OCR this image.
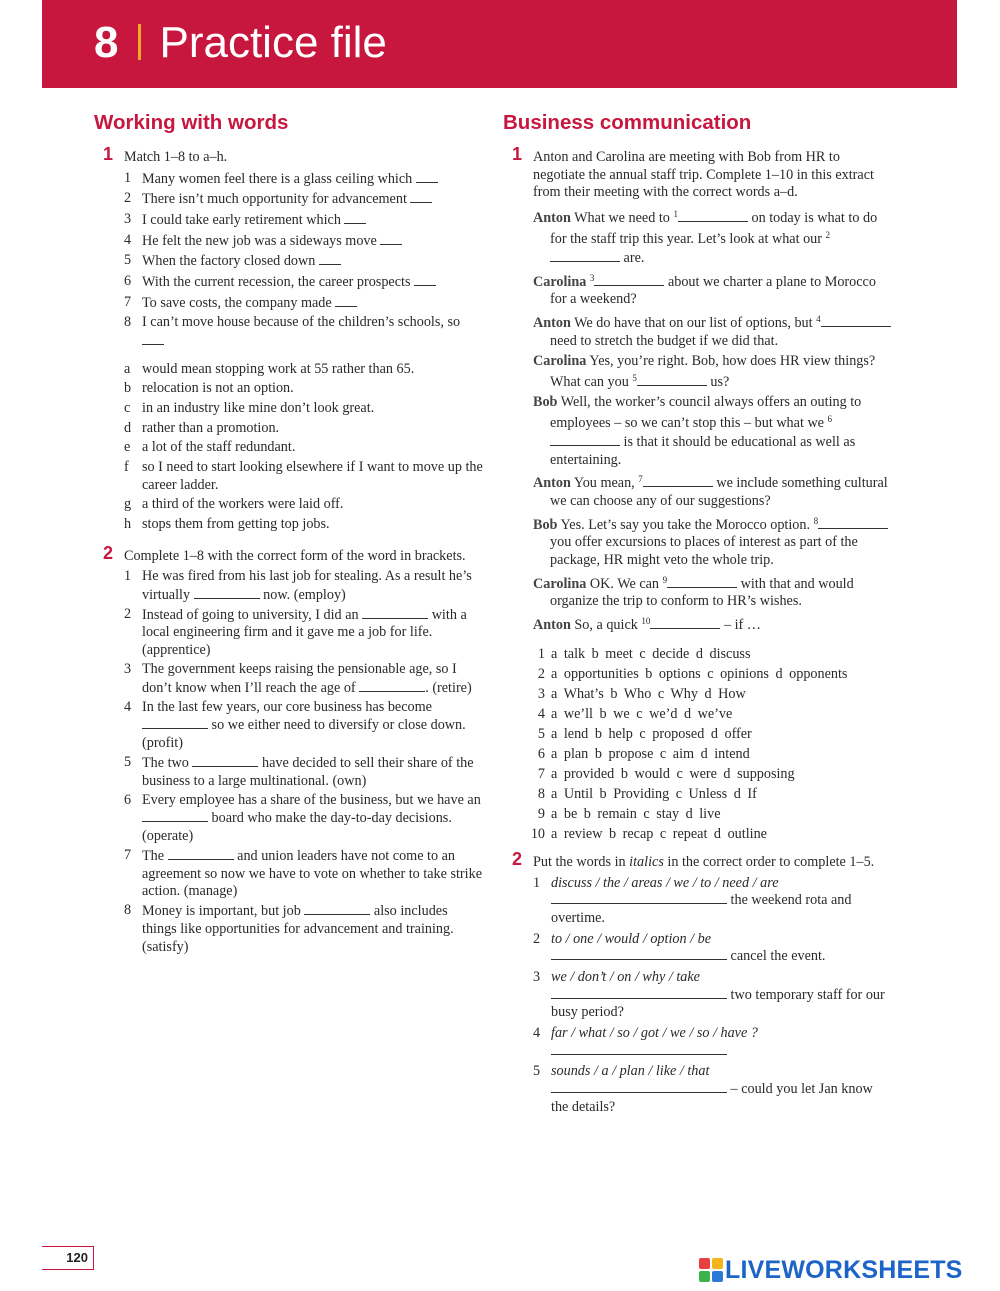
8 Practice file
Working with words
1 Match 1–8 to a–h.
1 Many women feel there is a glass ceiling which
2 There isn’t much opportunity for advancement
3 I could take early retirement which
4 He felt the new job was a sideways move
5 When the factory closed down
6 With the current recession, the career prospects
7 To save costs, the company made
8 I can’t move house because of the children’s schools, so
a would mean stopping work at 55 rather than 65.
b relocation is not an option.
c in an industry like mine don’t look great.
d rather than a promotion.
e a lot of the staff redundant.
f so I need to start looking elsewhere if I want to move up the career ladder.
g a third of the workers were laid off.
h stops them from getting top jobs.
2 Complete 1–8 with the correct form of the word in brackets.
1 He was fired from his last job for stealing. As a result he’s virtually	now. (employ)
2 Instead of going to university, I did an	with a local engineering firm and it gave me a job for life. (apprentice)
3 The government keeps raising the pensionable age, so I don’t know when I’ll reach the age of	. (retire)
4 In the last few years, our core business has become  so we either need to diversify or close down. (profit)
5 The two	have decided to sell their share of the business to a large multinational. (own)
6 Every employee has a share of the business, but we have an  board who make the day-to-day decisions. (operate)
7 The	and union leaders have not come to an agreement so now we have to vote on whether to take strike action. (manage)
8 Money is important, but job	also includes things like opportunities for advancement and training. (satisfy)
Business communication
1 Anton and Carolina are meeting with Bob from HR to negotiate the annual staff trip. Complete 1–10 in this extract from their meeting with the correct words a–d.
Anton What we need to $^1$	on today is what to do for the staff trip this year. Let’s look at what our $^2$ are.
Carolina $^3$	about we charter a plane to Morocco for a weekend?
Anton We do have that on our list of options, but $^4$ need to stretch the budget if we did that.
Carolina Yes, you’re right. Bob, how does HR view things? What can you $^5$	us?
Bob Well, the worker’s council always offers an outing to employees – so we can’t stop this – but what we $^6$ is that it should be educational as well as entertaining.
Anton You mean, $^7$	we include something cultural we can choose any of our suggestions?
Bob Yes. Let’s say you take the Morocco option. $^8$ you offer excursions to places of interest as part of the package, HR might veto the whole trip.
Carolina OK. We can $^9$	with that and would organize the trip to conform to HR’s wishes.
Anton So, a quick $^{10}$	– if …
1 a talk b meet c decide d discuss
2 a opportunities b options c opinions d opponents
3 a What’s b Who c Why d How
4 a we’ll b we c we’d d we’ve
5 a lend b help c proposed d offer
6 a plan b propose c aim d intend
7 a provided b would c were d supposing
8 a Until b Providing c Unless d If
9 a be b remain c stay d live
10 a review b recap c repeat d outline
2 Put the words in italics in the correct order to complete 1–5.
1 discuss / the / areas / we / to / need / are
the weekend rota and overtime.
2 to / one / would / option / be
cancel the event.
3 we / don’t / on / why / take
two temporary staff for our busy period?
4 far / what / so / got / we / so / have ?
5 sounds / a / plan / like / that
– could you let Jan know the details?
120	LIVEWORKSHEETS
